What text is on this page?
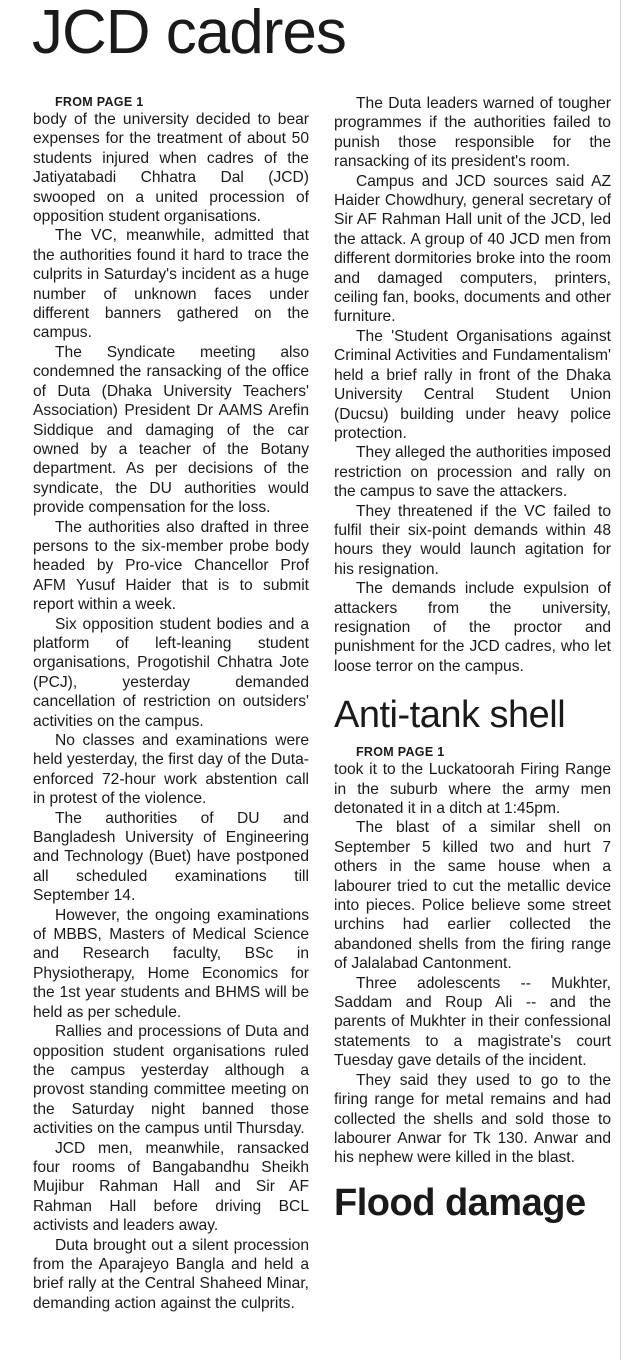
JCD cadres

FROM PAGE 1

body of the university decided to bear expenses for the treatment of about 50 students injured when cadres of the Jatiyatabadi Chhatra Dal (JCD) swooped on a united procession of opposition student organisations.

The VC, meanwhile, admitted that the authorities found it hard to trace the culprits in Saturday's incident as a huge number of unknown faces under different banners gathered on the campus.

The Syndicate meeting also condemned the ransacking of the office of Duta (Dhaka University Teachers' Association) President Dr AAMS Arefin Siddique and damaging of the car owned by a teacher of the Botany department. As per decisions of the syndicate, the DU authorities would provide compensation for the loss.

The authorities also drafted in three persons to the six-member probe body headed by Pro-vice Chancellor Prof AFM Yusuf Haider that is to submit report within a week.

Six opposition student bodies and a platform of left-leaning student organisations, Progotishil Chhatra Jote (PCJ), yesterday demanded cancellation of restriction on outsiders' activities on the campus.

No classes and examinations were held yesterday, the first day of the Duta-enforced 72-hour work abstention call in protest of the violence.

The authorities of DU and Bangladesh University of Engineering and Technology (Buet) have postponed all scheduled examinations till September 14.

However, the ongoing examinations of MBBS, Masters of Medical Science and Research faculty, BSc in Physiotherapy, Home Economics for the 1st year students and BHMS will be held as per schedule.

Rallies and processions of Duta and opposition student organisations ruled the campus yesterday although a provost standing committee meeting on the Saturday night banned those activities on the campus until Thursday.

JCD men, meanwhile, ransacked four rooms of Bangabandhu Sheikh Mujibur Rahman Hall and Sir AF Rahman Hall before driving BCL activists and leaders away.

Duta brought out a silent procession from the Aparajeyo Bangla and held a brief rally at the Central Shaheed Minar, demanding action against the culprits.

The Duta leaders warned of tougher programmes if the authorities failed to punish those responsible for the ransacking of its president's room.

Campus and JCD sources said AZ Haider Chowdhury, general secretary of Sir AF Rahman Hall unit of the JCD, led the attack. A group of 40 JCD men from different dormitories broke into the room and damaged computers, printers, ceiling fan, books, documents and other furniture.

The 'Student Organisations against Criminal Activities and Fundamentalism' held a brief rally in front of the Dhaka University Central Student Union (Ducsu) building under heavy police protection.

They alleged the authorities imposed restriction on procession and rally on the campus to save the attackers.

They threatened if the VC failed to fulfil their six-point demands within 48 hours they would launch agitation for his resignation.

The demands include expulsion of attackers from the university, resignation of the proctor and punishment for the JCD cadres, who let loose terror on the campus.

Anti-tank shell

FROM PAGE 1

took it to the Luckatoorah Firing Range in the suburb where the army men detonated it in a ditch at 1:45pm.

The blast of a similar shell on September 5 killed two and hurt 7 others in the same house when a labourer tried to cut the metallic device into pieces. Police believe some street urchins had earlier collected the abandoned shells from the firing range of Jalalabad Cantonment.

Three adolescents -- Mukhter, Saddam and Roup Ali -- and the parents of Mukhter in their confessional statements to a magistrate's court Tuesday gave details of the incident.

They said they used to go to the firing range for metal remains and had collected the shells and sold those to labourer Anwar for Tk 130. Anwar and his nephew were killed in the blast.

Flood damage
